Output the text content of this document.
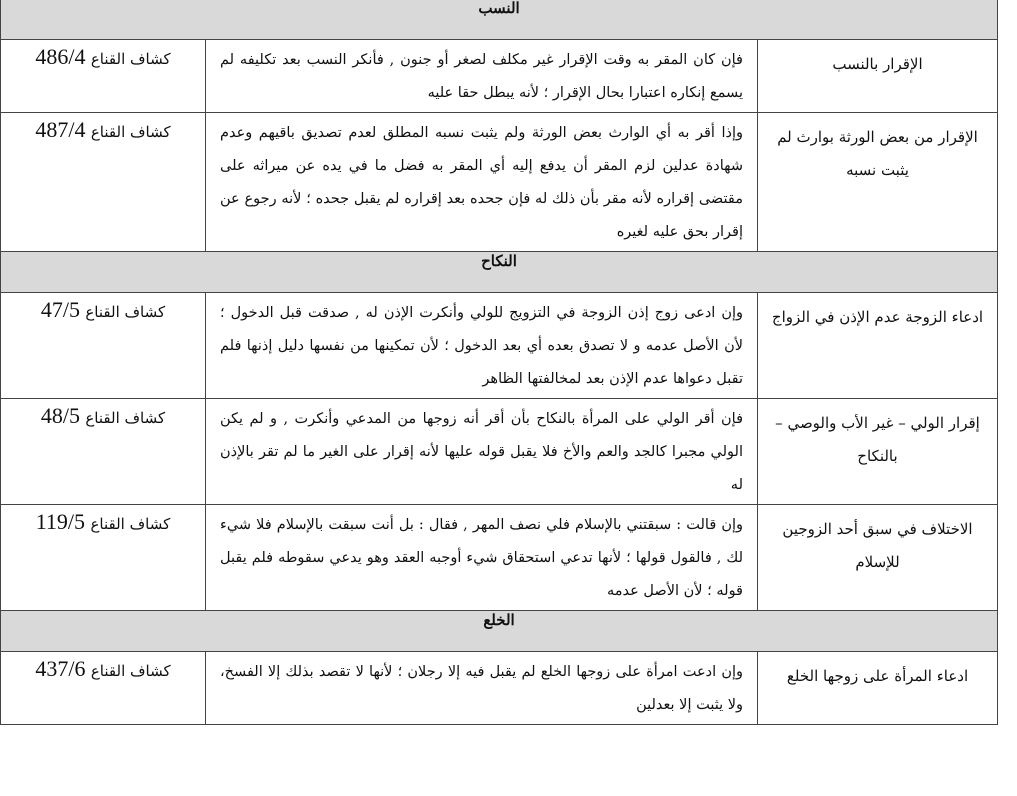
النسب		
الإقرار بالنسب	فإن كان المقر به وقت الإقرار غير مكلف لصغر أو جنون , فأنكر النسب بعد تكليفه لم يسمع إنكاره اعتبارا بحال الإقرار ؛ لأنه يبطل حقا عليه	كشاف القناع 486/4
الإقرار من بعض الورثة بوارث لم يثبت نسبه	وإذا أقر به أي الوارث بعض الورثة ولم يثبت نسبه المطلق لعدم تصديق باقيهم وعدم شهادة عدلين لزم المقر أن يدفع إليه أي المقر به فضل ما في يده عن ميراثه على مقتضى إقراره لأنه مقر بأن ذلك له فإن جحده بعد إقراره لم يقبل جحده ؛ لأنه رجوع عن إقرار بحق عليه لغيره	كشاف القناع 487/4
النكاح		
ادعاء الزوجة عدم الإذن في الزواج	وإن ادعى زوج إذن الزوجة في التزويج للولي وأنكرت الإذن له , صدقت قبل الدخول ؛ لأن الأصل عدمه و لا تصدق بعده أي بعد الدخول ؛ لأن تمكينها من نفسها دليل إذنها فلم تقبل دعواها عدم الإذن بعد لمخالفتها الظاهر	كشاف القناع 47/5
إقرار الولي – غير الأب والوصي – بالنكاح	فإن أقر الولي على المرأة بالنكاح بأن أقر أنه زوجها من المدعي وأنكرت , و لم يكن الولي مجبرا كالجد والعم والأخ فلا يقبل قوله عليها لأنه إقرار على الغير ما لم تقر بالإذن له	كشاف القناع 48/5
الاختلاف في سبق أحد الزوجين للإسلام	وإن قالت : سبقتني بالإسلام فلي نصف المهر , فقال : بل أنت سبقت بالإسلام فلا شيء لك , فالقول قولها ؛ لأنها تدعي استحقاق شيء أوجبه العقد وهو يدعي سقوطه فلم يقبل قوله ؛ لأن الأصل عدمه	كشاف القناع 119/5
الخلع		
ادعاء المرأة على زوجها الخلع	وإن ادعت امرأة على زوجها الخلع لم يقبل فيه إلا رجلان ؛ لأنها لا تقصد بذلك إلا الفسخ، ولا يثبت إلا بعدلين	كشاف القناع 437/6
